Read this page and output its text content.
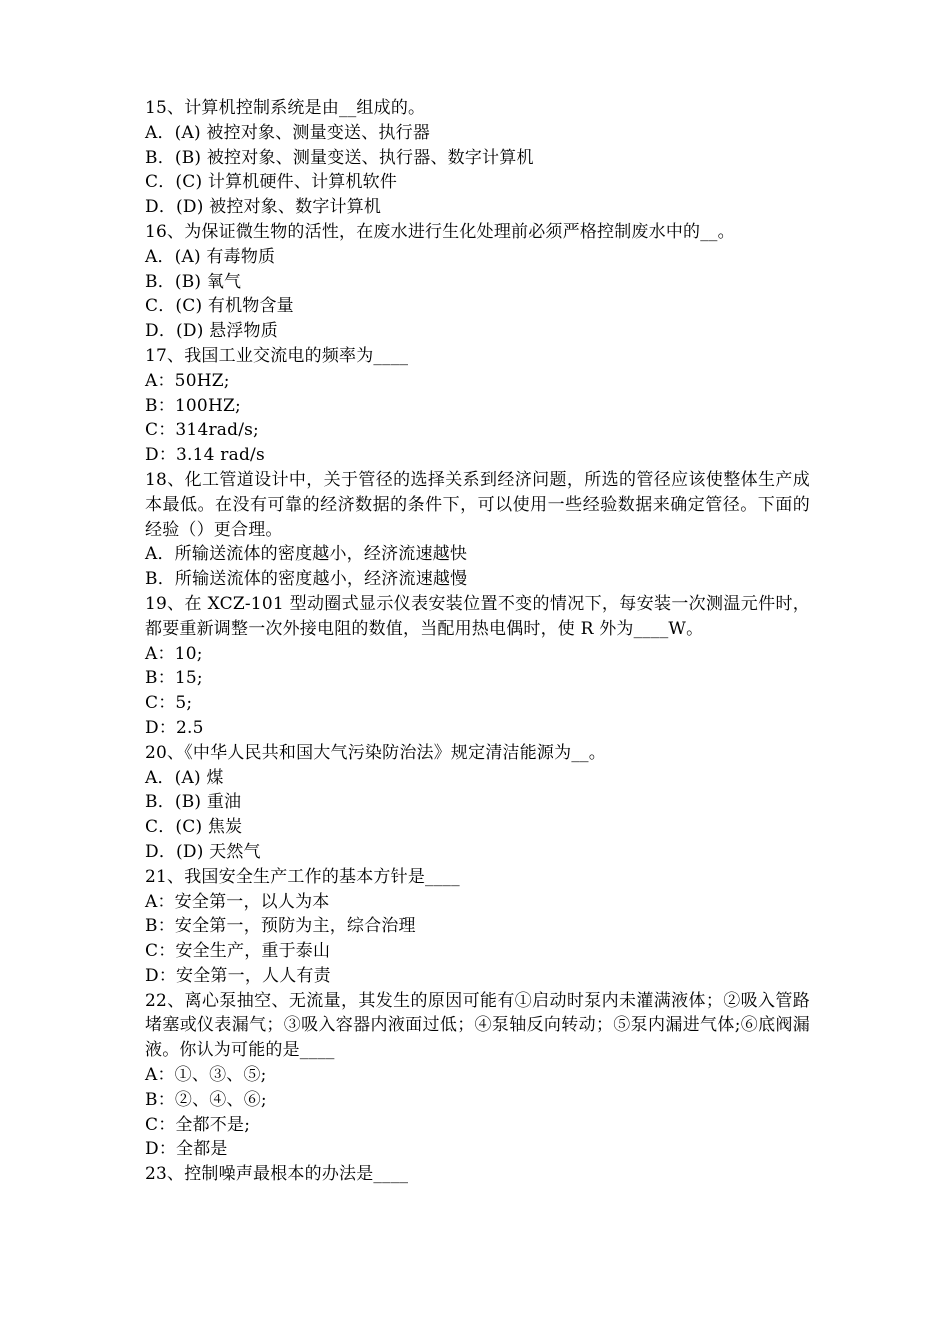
15、计算机控制系统是由__组成的。
A．(A) 被控对象、测量变送、执行器
B．(B) 被控对象、测量变送、执行器、数字计算机
C．(C) 计算机硬件、计算机软件
D．(D) 被控对象、数字计算机
16、为保证微生物的活性，在废水进行生化处理前必须严格控制废水中的__。
A．(A) 有毒物质
B．(B) 氧气
C．(C) 有机物含量
D．(D) 悬浮物质
17、我国工业交流电的频率为____
A：50HZ;
B：100HZ;
C：314rad/s;
D：3.14 rad/s
18、化工管道设计中，关于管径的选择关系到经济问题，所选的管径应该使整体生产成本最低。在没有可靠的经济数据的条件下，可以使用一些经验数据来确定管径。下面的经验（）更合理。
A．所输送流体的密度越小，经济流速越快
B．所输送流体的密度越小，经济流速越慢
19、在 XCZ-101 型动圈式显示仪表安装位置不变的情况下，每安装一次测温元件时，都要重新调整一次外接电阻的数值，当配用热电偶时，使 R 外为____W。
A：10;
B：15;
C：5;
D：2.5
20、《中华人民共和国大气污染防治法》规定清洁能源为__。
A．(A) 煤
B．(B) 重油
C．(C) 焦炭
D．(D) 天然气
21、我国安全生产工作的基本方针是____
A：安全第一，以人为本
B：安全第一，预防为主，综合治理
C：安全生产，重于泰山
D：安全第一，人人有责
22、离心泵抽空、无流量，其发生的原因可能有①启动时泵内未灌满液体；②吸入管路堵塞或仪表漏气；③吸入容器内液面过低；④泵轴反向转动；⑤泵内漏进气体;⑥底阀漏液。你认为可能的是____
A：①、③、⑤;
B：②、④、⑥;
C：全都不是;
D：全都是
23、控制噪声最根本的办法是____
